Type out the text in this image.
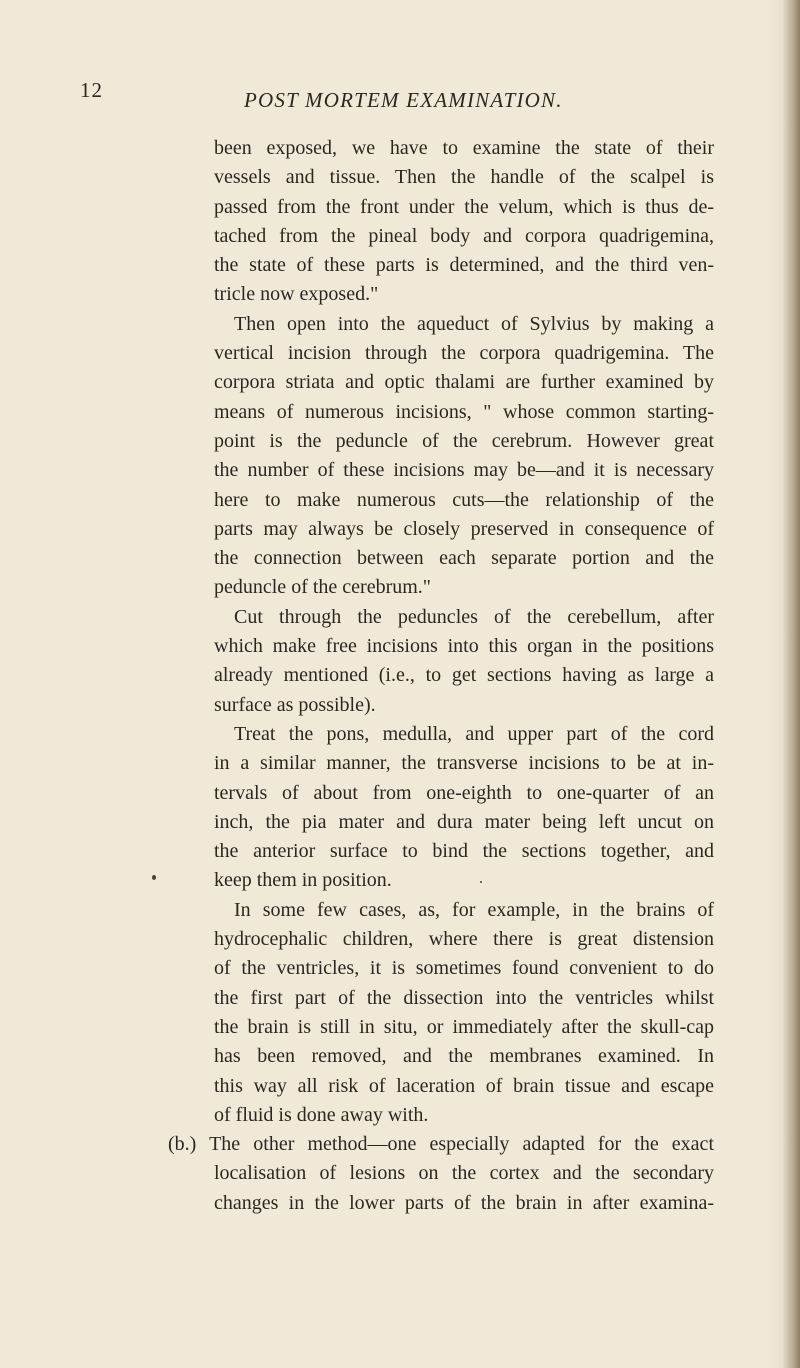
12	POST MORTEM EXAMINATION.
been exposed, we have to examine the state of their
vessels and tissue. Then the handle of the scalpel is
passed from the front under the velum, which is thus de-
tached from the pineal body and corpora quadrigemina,
the state of these parts is determined, and the third ven-
tricle now exposed."
Then open into the aqueduct of Sylvius by making a
vertical incision through the corpora quadrigemina. The
corpora striata and optic thalami are further examined by
means of numerous incisions, " whose common starting-
point is the peduncle of the cerebrum. However great
the number of these incisions may be—and it is necessary
here to make numerous cuts—the relationship of the
parts may always be closely preserved in consequence of
the connection between each separate portion and the
peduncle of the cerebrum."
Cut through the peduncles of the cerebellum, after
which make free incisions into this organ in the positions
already mentioned (i.e., to get sections having as large a
surface as possible).
Treat the pons, medulla, and upper part of the cord
in a similar manner, the transverse incisions to be at in-
tervals of about from one-eighth to one-quarter of an
inch, the pia mater and dura mater being left uncut on
the anterior surface to bind the sections together, and
keep them in position.
In some few cases, as, for example, in the brains of
hydrocephalic children, where there is great distension
of the ventricles, it is sometimes found convenient to do
the first part of the dissection into the ventricles whilst
the brain is still in situ, or immediately after the skull-cap
has been removed, and the membranes examined. In
this way all risk of laceration of brain tissue and escape
of fluid is done away with.
(b.) The other method—one especially adapted for the exact
localisation of lesions on the cortex and the secondary
changes in the lower parts of the brain in after examina-
